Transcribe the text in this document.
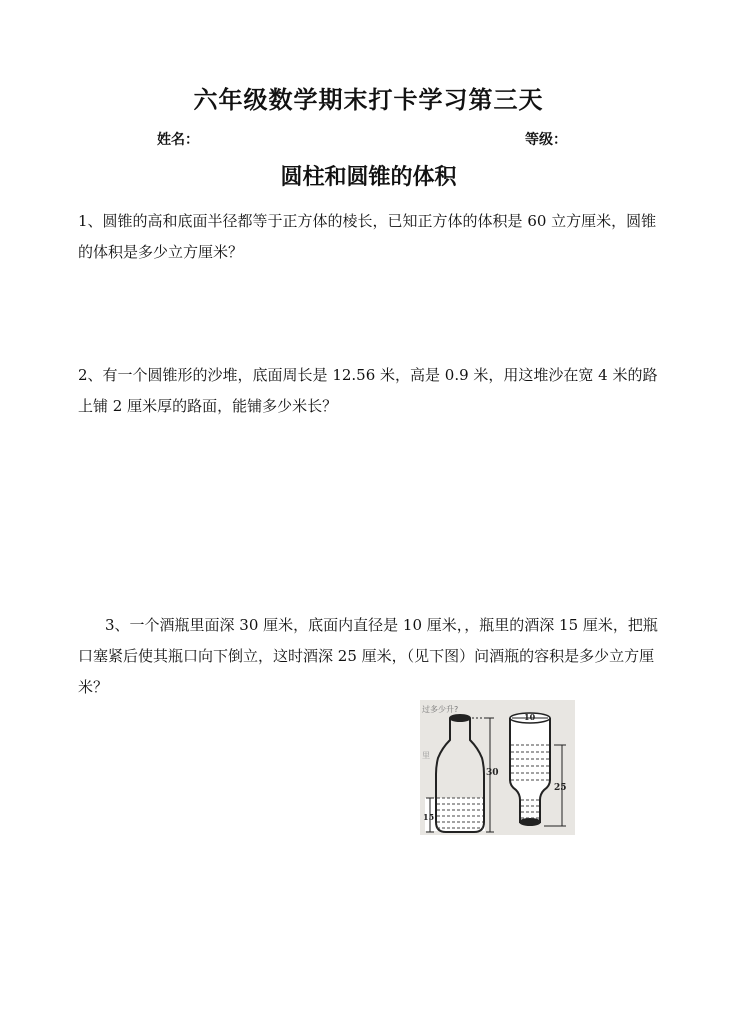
六年级数学期末打卡学习第三天
姓名：	等级：
圆柱和圆锥的体积
1、圆锥的高和底面半径都等于正方体的棱长，已知正方体的体积是 60 立方厘米，圆锥的体积是多少立方厘米？
2、有一个圆锥形的沙堆，底面周长是 12.56 米，高是 0.9 米，用这堆沙在宽 4 米的路上铺 2 厘米厚的路面，能铺多少米长？
3、一个酒瓶里面深 30 厘米，底面内直径是 10 厘米，，瓶里的酒深 15 厘米，把瓶口塞紧后使其瓶口向下倒立，这时酒深 25 厘米，（见下图）问酒瓶的容积是多少立方厘米？
过多少升?
里
30
15
10
25
